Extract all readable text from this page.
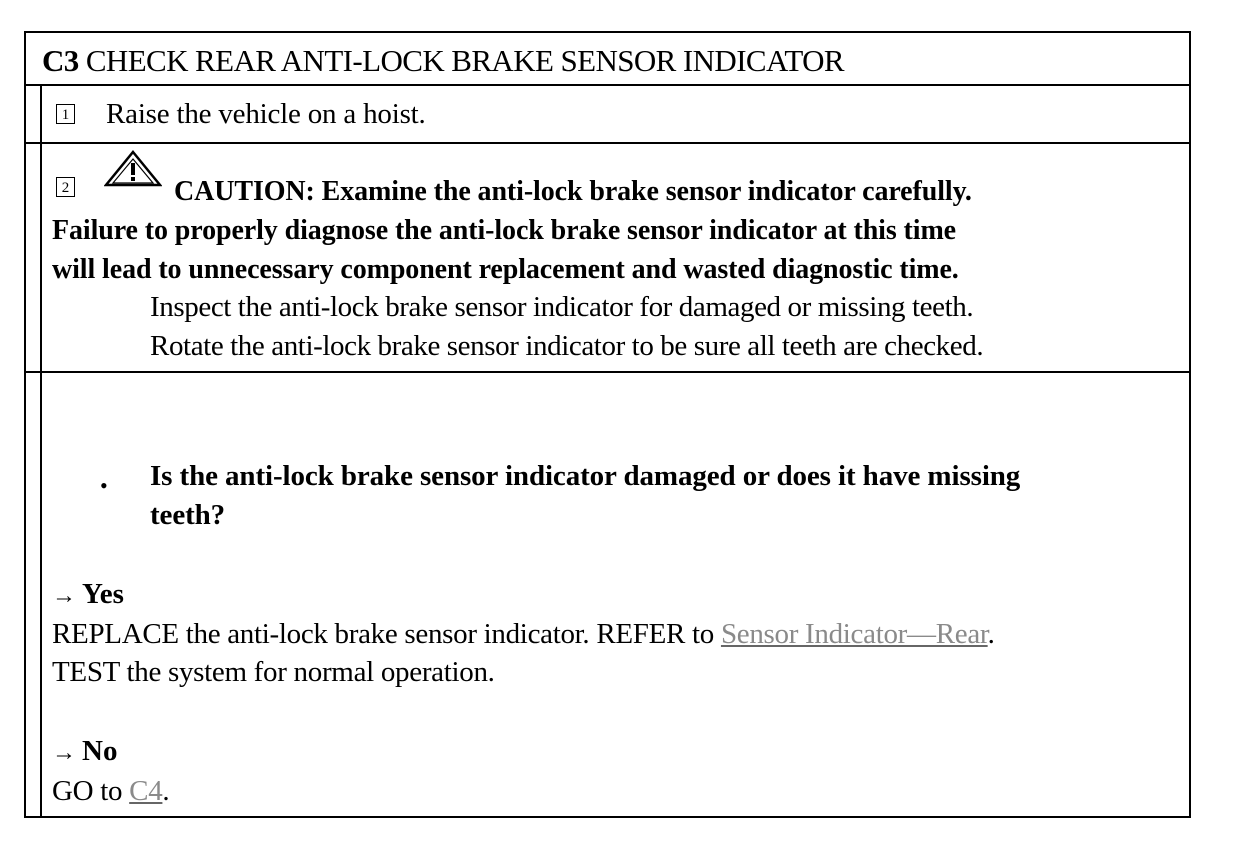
C3 CHECK REAR ANTI-LOCK BRAKE SENSOR INDICATOR
1 Raise the vehicle on a hoist.
2	CAUTION: Examine the anti-lock brake sensor indicator carefully.
Failure to properly diagnose the anti-lock brake sensor indicator at this time
will lead to unnecessary component replacement and wasted diagnostic time.
Inspect the anti-lock brake sensor indicator for damaged or missing teeth.
Rotate the anti-lock brake sensor indicator to be sure all teeth are checked.
• Is the anti-lock brake sensor indicator damaged or does it have missing
teeth?
→ Yes
REPLACE the anti-lock brake sensor indicator. REFER to Sensor Indicator—Rear.
TEST the system for normal operation.
→ No
GO to C4.
